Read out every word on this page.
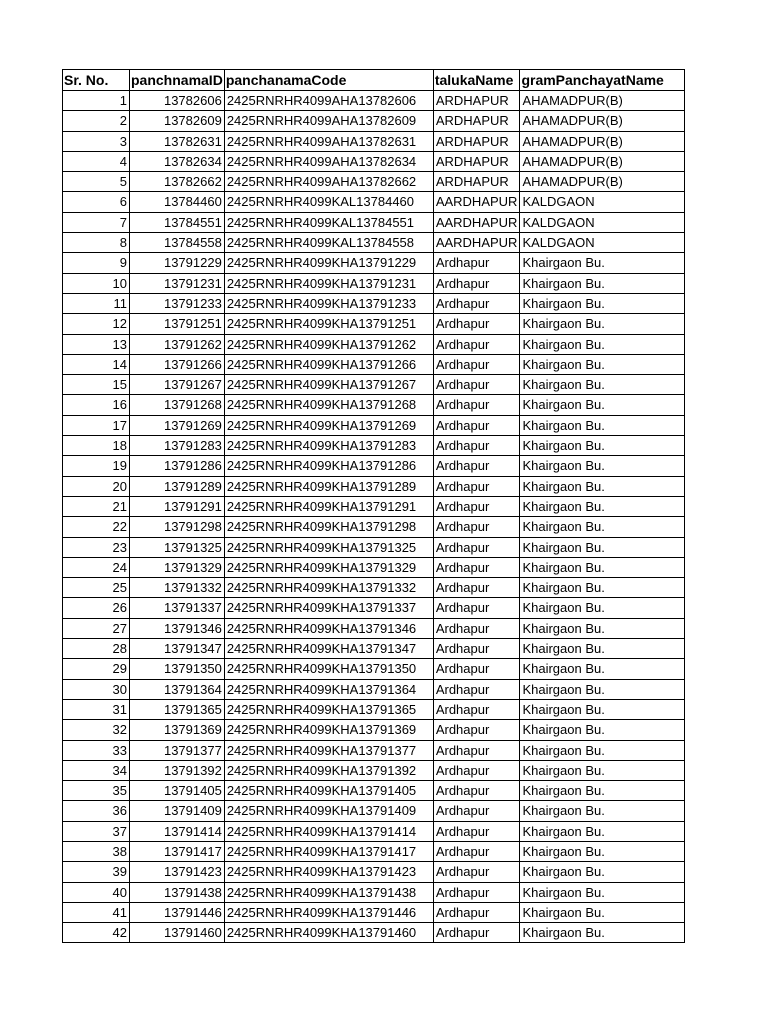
Sr. No.	panchnamaID	panchanamaCode	talukaName	gramPanchayatName
1	13782606	2425RNRHR4099AHA13782606	ARDHAPUR	AHAMADPUR(B)
2	13782609	2425RNRHR4099AHA13782609	ARDHAPUR	AHAMADPUR(B)
3	13782631	2425RNRHR4099AHA13782631	ARDHAPUR	AHAMADPUR(B)
4	13782634	2425RNRHR4099AHA13782634	ARDHAPUR	AHAMADPUR(B)
5	13782662	2425RNRHR4099AHA13782662	ARDHAPUR	AHAMADPUR(B)
6	13784460	2425RNRHR4099KAL13784460	AARDHAPUR	KALDGAON
7	13784551	2425RNRHR4099KAL13784551	AARDHAPUR	KALDGAON
8	13784558	2425RNRHR4099KAL13784558	AARDHAPUR	KALDGAON
9	13791229	2425RNRHR4099KHA13791229	Ardhapur	Khairgaon Bu.
10	13791231	2425RNRHR4099KHA13791231	Ardhapur	Khairgaon Bu.
11	13791233	2425RNRHR4099KHA13791233	Ardhapur	Khairgaon Bu.
12	13791251	2425RNRHR4099KHA13791251	Ardhapur	Khairgaon Bu.
13	13791262	2425RNRHR4099KHA13791262	Ardhapur	Khairgaon Bu.
14	13791266	2425RNRHR4099KHA13791266	Ardhapur	Khairgaon Bu.
15	13791267	2425RNRHR4099KHA13791267	Ardhapur	Khairgaon Bu.
16	13791268	2425RNRHR4099KHA13791268	Ardhapur	Khairgaon Bu.
17	13791269	2425RNRHR4099KHA13791269	Ardhapur	Khairgaon Bu.
18	13791283	2425RNRHR4099KHA13791283	Ardhapur	Khairgaon Bu.
19	13791286	2425RNRHR4099KHA13791286	Ardhapur	Khairgaon Bu.
20	13791289	2425RNRHR4099KHA13791289	Ardhapur	Khairgaon Bu.
21	13791291	2425RNRHR4099KHA13791291	Ardhapur	Khairgaon Bu.
22	13791298	2425RNRHR4099KHA13791298	Ardhapur	Khairgaon Bu.
23	13791325	2425RNRHR4099KHA13791325	Ardhapur	Khairgaon Bu.
24	13791329	2425RNRHR4099KHA13791329	Ardhapur	Khairgaon Bu.
25	13791332	2425RNRHR4099KHA13791332	Ardhapur	Khairgaon Bu.
26	13791337	2425RNRHR4099KHA13791337	Ardhapur	Khairgaon Bu.
27	13791346	2425RNRHR4099KHA13791346	Ardhapur	Khairgaon Bu.
28	13791347	2425RNRHR4099KHA13791347	Ardhapur	Khairgaon Bu.
29	13791350	2425RNRHR4099KHA13791350	Ardhapur	Khairgaon Bu.
30	13791364	2425RNRHR4099KHA13791364	Ardhapur	Khairgaon Bu.
31	13791365	2425RNRHR4099KHA13791365	Ardhapur	Khairgaon Bu.
32	13791369	2425RNRHR4099KHA13791369	Ardhapur	Khairgaon Bu.
33	13791377	2425RNRHR4099KHA13791377	Ardhapur	Khairgaon Bu.
34	13791392	2425RNRHR4099KHA13791392	Ardhapur	Khairgaon Bu.
35	13791405	2425RNRHR4099KHA13791405	Ardhapur	Khairgaon Bu.
36	13791409	2425RNRHR4099KHA13791409	Ardhapur	Khairgaon Bu.
37	13791414	2425RNRHR4099KHA13791414	Ardhapur	Khairgaon Bu.
38	13791417	2425RNRHR4099KHA13791417	Ardhapur	Khairgaon Bu.
39	13791423	2425RNRHR4099KHA13791423	Ardhapur	Khairgaon Bu.
40	13791438	2425RNRHR4099KHA13791438	Ardhapur	Khairgaon Bu.
41	13791446	2425RNRHR4099KHA13791446	Ardhapur	Khairgaon Bu.
42	13791460	2425RNRHR4099KHA13791460	Ardhapur	Khairgaon Bu.
